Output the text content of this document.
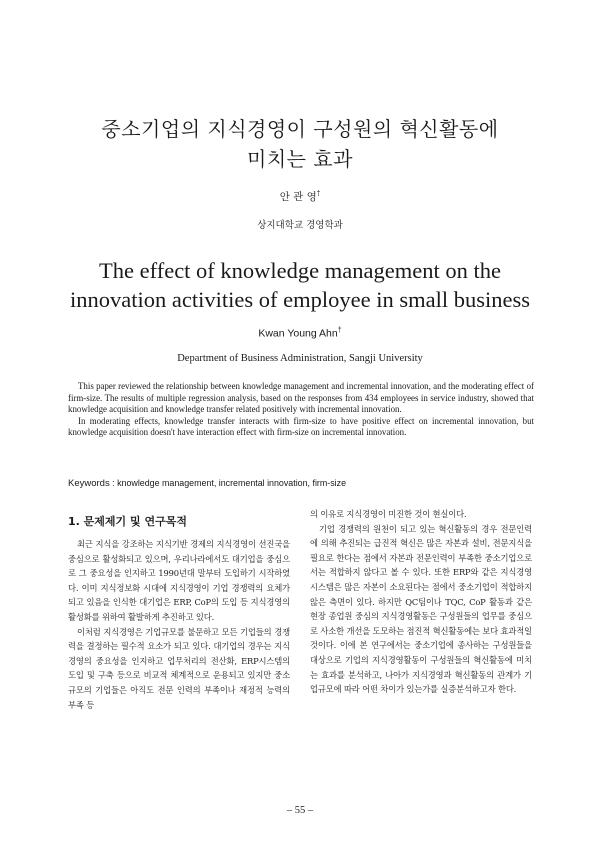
중소기업의 지식경영이 구성원의 혁신활동에
미치는 효과
안 관 영†
상지대학교 경영학과
The effect of knowledge management on the
innovation activities of employee in small business
Kwan Young Ahn†
Department of Business Administration, Sangji University

This paper reviewed the relationship between knowledge management and incremental innovation, and the moderating effect of firm-size. The results of multiple regression analysis, based on the responses from 434 employees in service industry, showed that knowledge acquisition and knowledge transfer related positively with incremental innovation.

In moderating effects, knowledge transfer interacts with firm-size to have positive effect on incremental innovation, but knowledge acquisition doesn't have interaction effect with firm-size on incremental innovation.

Keywords : knowledge management, incremental innovation, firm-size
1. 문제제기 및 연구목적

최근 지식을 강조하는 지식기반 경제의 지식경영이 선진국을 중심으로 활성화되고 있으며, 우리나라에서도 대기업을 중심으로 그 중요성을 인지하고 1990년대 말부터 도입하기 시작하였다. 이미 지식정보화 시대에 지식경영이 기업 경쟁력의 요체가 되고 있음을 인식한 대기업은 ERP, CoP의 도입 등 지식경영의 활성화를 위하여 활발하게 추진하고 있다.

이처럼 지식경영은 기업규모를 불문하고 모든 기업들의 경쟁력을 결정하는 필수적 요소가 되고 있다. 대기업의 경우는 지식경영의 중요성을 인지하고 업무처리의 전산화, ERP시스템의 도입 및 구축 등으로 비교적 체계적으로 운용되고 있지만 중소규모의 기업들은 아직도 전문 인력의 부족이나 재정적 능력의 부족 등

의 이유로 지식경영이 미진한 것이 현실이다.

기업 경쟁력의 원천이 되고 있는 혁신활동의 경우 전문인력에 의해 추진되는 급진적 혁신은 많은 자본과 설비, 전문지식을 필요로 한다는 점에서 자본과 전문인력이 부족한 중소기업으로서는 적합하지 않다고 볼 수 있다. 또한 ERP와 같은 지식경영시스템은 많은 자본이 소요된다는 점에서 중소기업이 적합하지 않은 측면이 있다. 하지만 QC팀이나 TQC, CoP 활동과 같은 현장 종업원 중심의 지식경영활동은 구성원들의 업무를 중심으로 사소한 개선을 도모하는 점진적 혁신활동에는 보다 효과적일 것이다. 이에 본 연구에서는 중소기업에 종사하는 구성원들을 대상으로 기업의 지식경영활동이 구성원들의 혁신활동에 미치는 효과를 분석하고, 나아가 지식경영과 혁신활동의 관계가 기업규모에 따라 어떤 차이가 있는가를 실증분석하고자 한다.

– 55 –
